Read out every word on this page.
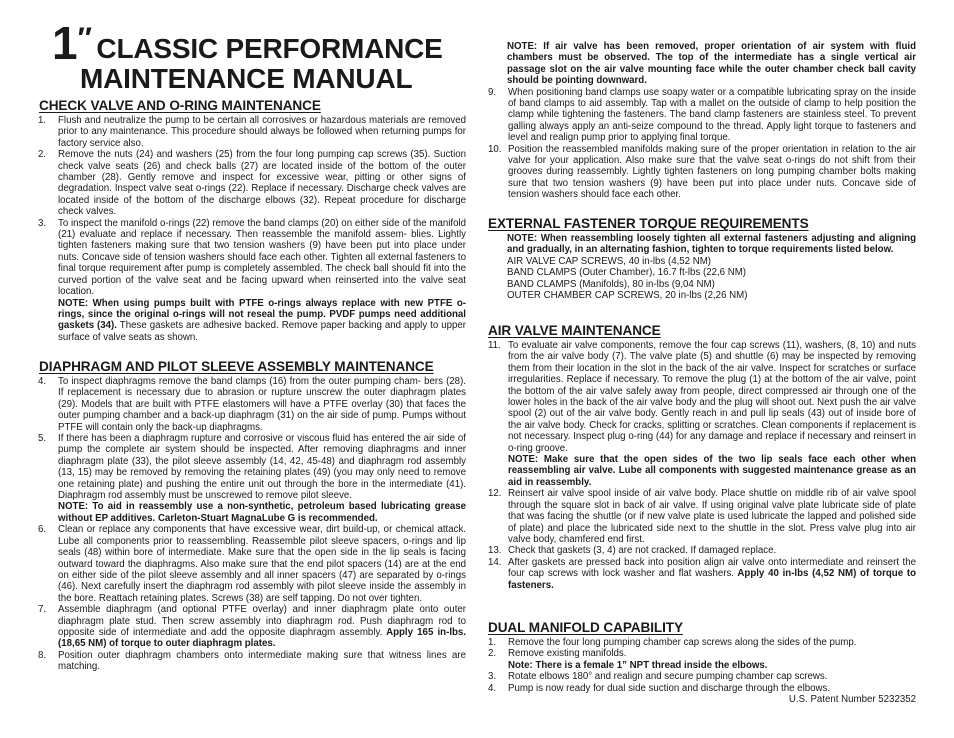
1″ CLASSIC PERFORMANCE
MAINTENANCE MANUAL
CHECK VALVE AND O-RING MAINTENANCE
1.	Flush and neutralize the pump to be certain all corrosives or hazardous materials are removed prior to any maintenance. This procedure should always be followed when returning pumps for factory service also.
2.	Remove the nuts (24) and washers (25) from the four long pumping cap screws (35). Suction check valve seats (26) and check balls (27) are located inside of the bottom of the outer chamber (28). Gently remove and inspect for excessive wear, pitting or other signs of degradation. Inspect valve seat o-rings (22). Replace if necessary. Discharge check valves are located inside of the bottom of the discharge elbows (32). Repeat procedure for discharge check valves.
3.	To inspect the manifold o-rings (22) remove the band clamps (20) on either side of the manifold (21) evaluate and replace if necessary. Then reassemble the manifold assem- blies. Lightly tighten fasteners making sure that two tension washers (9) have been put into place under nuts. Concave side of tension washers should face each other. Tighten all external fasteners to final torque requirement after pump is completely assembled. The check ball should fit into the curved portion of the valve seat and be facing upward when reinserted into the valve seat location.
NOTE: When using pumps built with PTFE o-rings always replace with new PTFE o-rings, since the original o-rings will not reseal the pump. PVDF pumps need additional gaskets (34). These gaskets are adhesive backed. Remove paper backing and apply to upper surface of valve seats as shown.
DIAPHRAGM AND PILOT SLEEVE ASSEMBLY MAINTENANCE
4.	To inspect diaphragms remove the band clamps (16) from the outer pumping cham- bers (28). If replacement is necessary due to abrasion or rupture unscrew the outer diaphragm plates (29). Models that are built with PTFE elastomers will have a PTFE overlay (30) that faces the outer pumping chamber and a back-up diaphragm (31) on the air side of pump. Pumps without PTFE will contain only the back-up diaphragms.
5.	If there has been a diaphragm rupture and corrosive or viscous fluid has entered the air side of pump the complete air system should be inspected. After removing diaphragms and inner diaphragm plate (33), the pilot sleeve assembly (14, 42, 45-48) and diaphragm rod assembly (13, 15) may be removed by removing the retaining plates (49) (you may only need to remove one retaining plate) and pushing the entire unit out through the bore in the intermediate (41). Diaphragm rod assembly must be unscrewed to remove pilot sleeve.
NOTE: To aid in reassembly use a non-synthetic, petroleum based lubricating grease without EP additives. Carleton-Stuart MagnaLube G is recommended.
6.	Clean or replace any components that have excessive wear, dirt build-up, or chemical attack. Lube all components prior to reassembling. Reassemble pilot sleeve spacers, o-rings and lip seals (48) within bore of intermediate. Make sure that the open side in the lip seals is facing outward toward the diaphragms. Also make sure that the end pilot spacers (14) are at the end on either side of the pilot sleeve assembly and all inner spacers (47) are separated by o-rings (46). Next carefully insert the diaphragm rod assembly with pilot sleeve inside the assembly in the bore. Reattach retaining plates. Screws (38) are self tapping. Do not over tighten.
7.	Assemble diaphragm (and optional PTFE overlay) and inner diaphragm plate onto outer diaphragm plate stud. Then screw assembly into diaphragm rod. Push diaphragm rod to opposite side of intermediate and add the opposite diaphragm assembly. Apply 165 in-lbs. (18,65 NM) of torque to outer diaphragm plates.
8.	Position outer diaphragm chambers onto intermediate making sure that witness lines are matching.
NOTE: If air valve has been removed, proper orientation of air system with fluid chambers must be observed. The top of the intermediate has a single vertical air passage slot on the air valve mounting face while the outer chamber check ball cavity should be pointing downward.
9.	When positioning band clamps use soapy water or a compatible lubricating spray on the inside of band clamps to aid assembly. Tap with a mallet on the outside of clamp to help position the clamp while tightening the fasteners. The band clamp fasteners are stainless steel. To prevent galling always apply an anti-seize compound to the thread. Apply light torque to fasteners and level and realign pump prior to applying final torque.
10. Position the reassembled manifolds making sure of the proper orientation in relation to the air valve for your application. Also make sure that the valve seat o-rings do not shift from their grooves during reassembly. Lightly tighten fasteners on long pumping chamber bolts making sure that two tension washers (9) have been put into place under nuts. Concave side of tension washers should face each other.
EXTERNAL FASTENER TORQUE REQUIREMENTS
NOTE: When reassembling loosely tighten all external fasteners adjusting and aligning and gradually, in an alternating fashion, tighten to torque requirements listed below.
AIR VALVE CAP SCREWS, 40 in-lbs (4,52 NM)
BAND CLAMPS (Outer Chamber), 16.7 ft-lbs (22,6 NM)
BAND CLAMPS (Manifolds), 80 in-lbs (9,04 NM)
OUTER CHAMBER CAP SCREWS, 20 in-lbs (2,26 NM)
AIR VALVE MAINTENANCE
11. To evaluate air valve components, remove the four cap screws (11), washers, (8, 10) and nuts from the air valve body (7). The valve plate (5) and shuttle (6) may be inspected by removing them from their location in the slot in the back of the air valve. Inspect for scratches or surface irregularities. Replace if necessary. To remove the plug (1) at the bottom of the air valve, point the bottom of the air valve safely away from people, direct compressed air through one of the lower holes in the back of the air valve body and the plug will shoot out. Next push the air valve spool (2) out of the air valve body. Gently reach in and pull lip seals (43) out of inside bore of the air valve body. Check for cracks, splitting or scratches. Clean components if replacement is not necessary. Inspect plug o-ring (44) for any damage and replace if necessary and reinsert in o-ring groove.
NOTE: Make sure that the open sides of the two lip seals face each other when reassembling air valve. Lube all components with suggested maintenance grease as an aid in reassembly.
12. Reinsert air valve spool inside of air valve body. Place shuttle on middle rib of air valve spool through the square slot in back of air valve. If using original valve plate lubricate side of plate that was facing the shuttle (or if new valve plate is used lubricate the lapped and polished side of plate) and place the lubricated side next to the shuttle in the slot. Press valve plug into air valve body, chamfered end first.
13. Check that gaskets (3, 4) are not cracked. If damaged replace.
14. After gaskets are pressed back into position align air valve onto intermediate and reinsert the four cap screws with lock washer and flat washers. Apply 40 in-lbs (4,52 NM) of torque to fasteners.
DUAL MANIFOLD CAPABILITY
1.	Remove the four long pumping chamber cap screws along the sides of the pump.
2.	Remove existing manifolds.
Note: There is a female 1” NPT thread inside the elbows.
3.	Rotate elbows 180° and realign and secure pumping chamber cap screws.
4.	Pump is now ready for dual side suction and discharge through the elbows.
U.S. Patent Number 5232352
